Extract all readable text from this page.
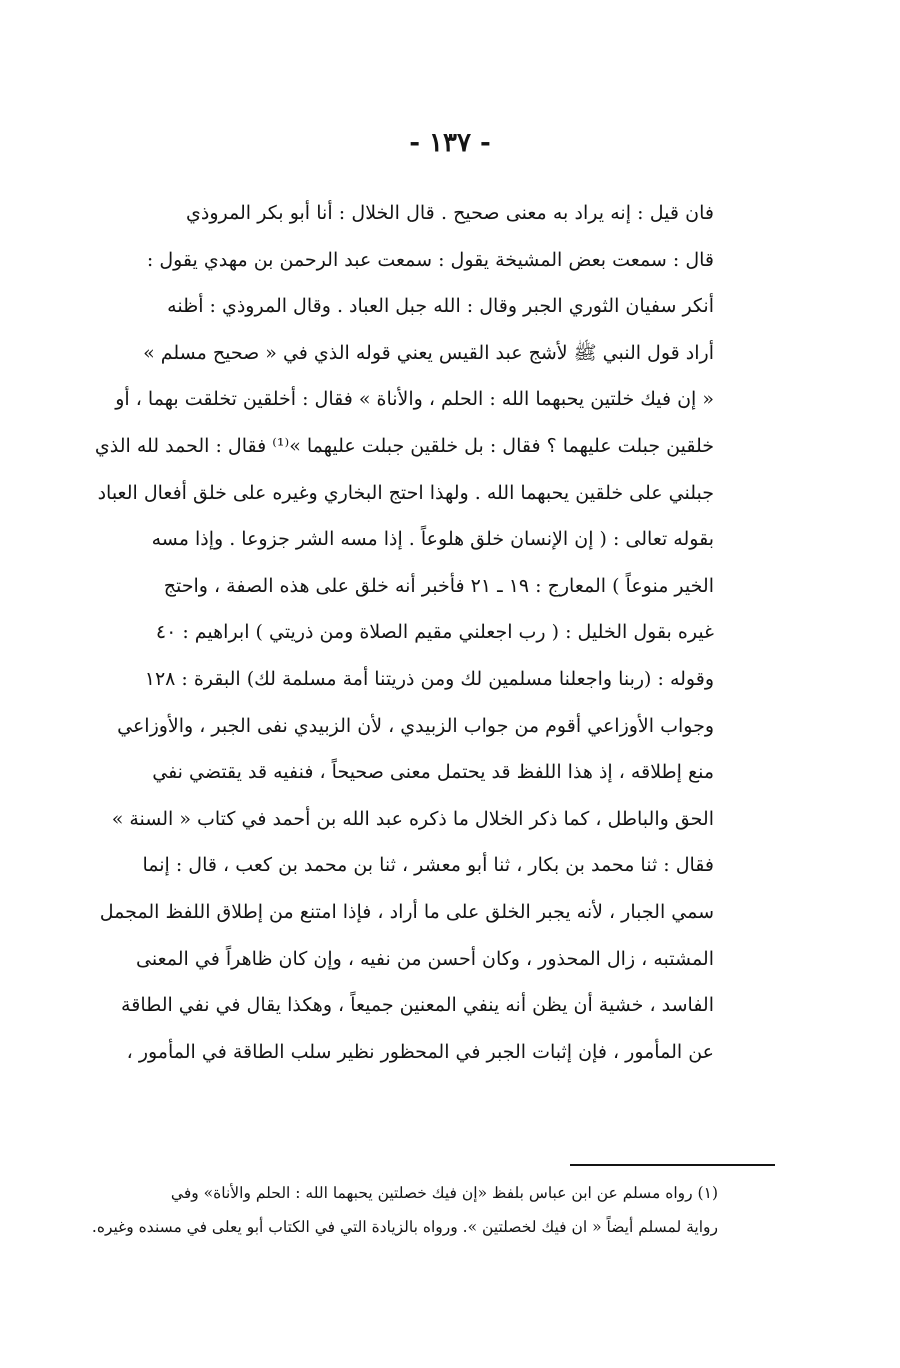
- ١٣٧ -
فان قيل : إنه يراد به معنى صحيح . قال الخلال : أنا أبو بكر المروذي
قال : سمعت بعض المشيخة يقول : سمعت عبد الرحمن بن مهدي يقول :
أنكر سفيان الثوري الجبر وقال : الله جبل العباد . وقال المروذي : أظنه
أراد قول النبي ﷺ لأشج عبد القيس يعني قوله الذي في « صحيح مسلم »
« إن فيك خلتين يحبهما الله : الحلم ، والأناة » فقال : أخلقين تخلقت بهما ، أو
خلقين جبلت عليهما ؟ فقال : بل خلقين جبلت عليهما »⁽¹⁾ فقال : الحمد لله الذي
جبلني على خلقين يحبهما الله . ولهذا احتج البخاري وغيره على خلق أفعال العباد
بقوله تعالى : ( إن الإنسان خلق هلوعاً . إذا مسه الشر جزوعا . وإذا مسه
الخير منوعاً ) المعارج : ١٩ ـ ٢١ فأخبر أنه خلق على هذه الصفة ، واحتج
غيره بقول الخليل : ( رب اجعلني مقيم الصلاة ومن ذريتي ) ابراهيم : ٤٠
وقوله : (ربنا واجعلنا مسلمين لك ومن ذريتنا أمة مسلمة لك) البقرة : ١٢٨
وجواب الأوزاعي أقوم من جواب الزبيدي ، لأن الزبيدي نفى الجبر ، والأوزاعي
منع إطلاقه ، إذ هذا اللفظ قد يحتمل معنى صحيحاً ، فنفيه قد يقتضي نفي
الحق والباطل ، كما ذكر الخلال ما ذكره عبد الله بن أحمد في كتاب « السنة »
فقال : ثنا محمد بن بكار ، ثنا أبو معشر ، ثنا بن محمد بن كعب ، قال : إنما
سمي الجبار ، لأنه يجبر الخلق على ما أراد ، فإذا امتنع من إطلاق اللفظ المجمل
المشتبه ، زال المحذور ، وكان أحسن من نفيه ، وإن كان ظاهراً في المعنى
الفاسد ، خشية أن يظن أنه ينفي المعنين جميعاً ، وهكذا يقال في نفي الطاقة
عن المأمور ، فإن إثبات الجبر في المحظور نظير سلب الطاقة في المأمور ،
(١) رواه مسلم عن ابن عباس بلفظ «إن فيك خصلتين يحبهما الله : الحلم والأناة» وفي
رواية لمسلم أيضاً « ان فيك لخصلتين ». ورواه بالزيادة التي في الكتاب أبو يعلى في مسنده وغيره.
